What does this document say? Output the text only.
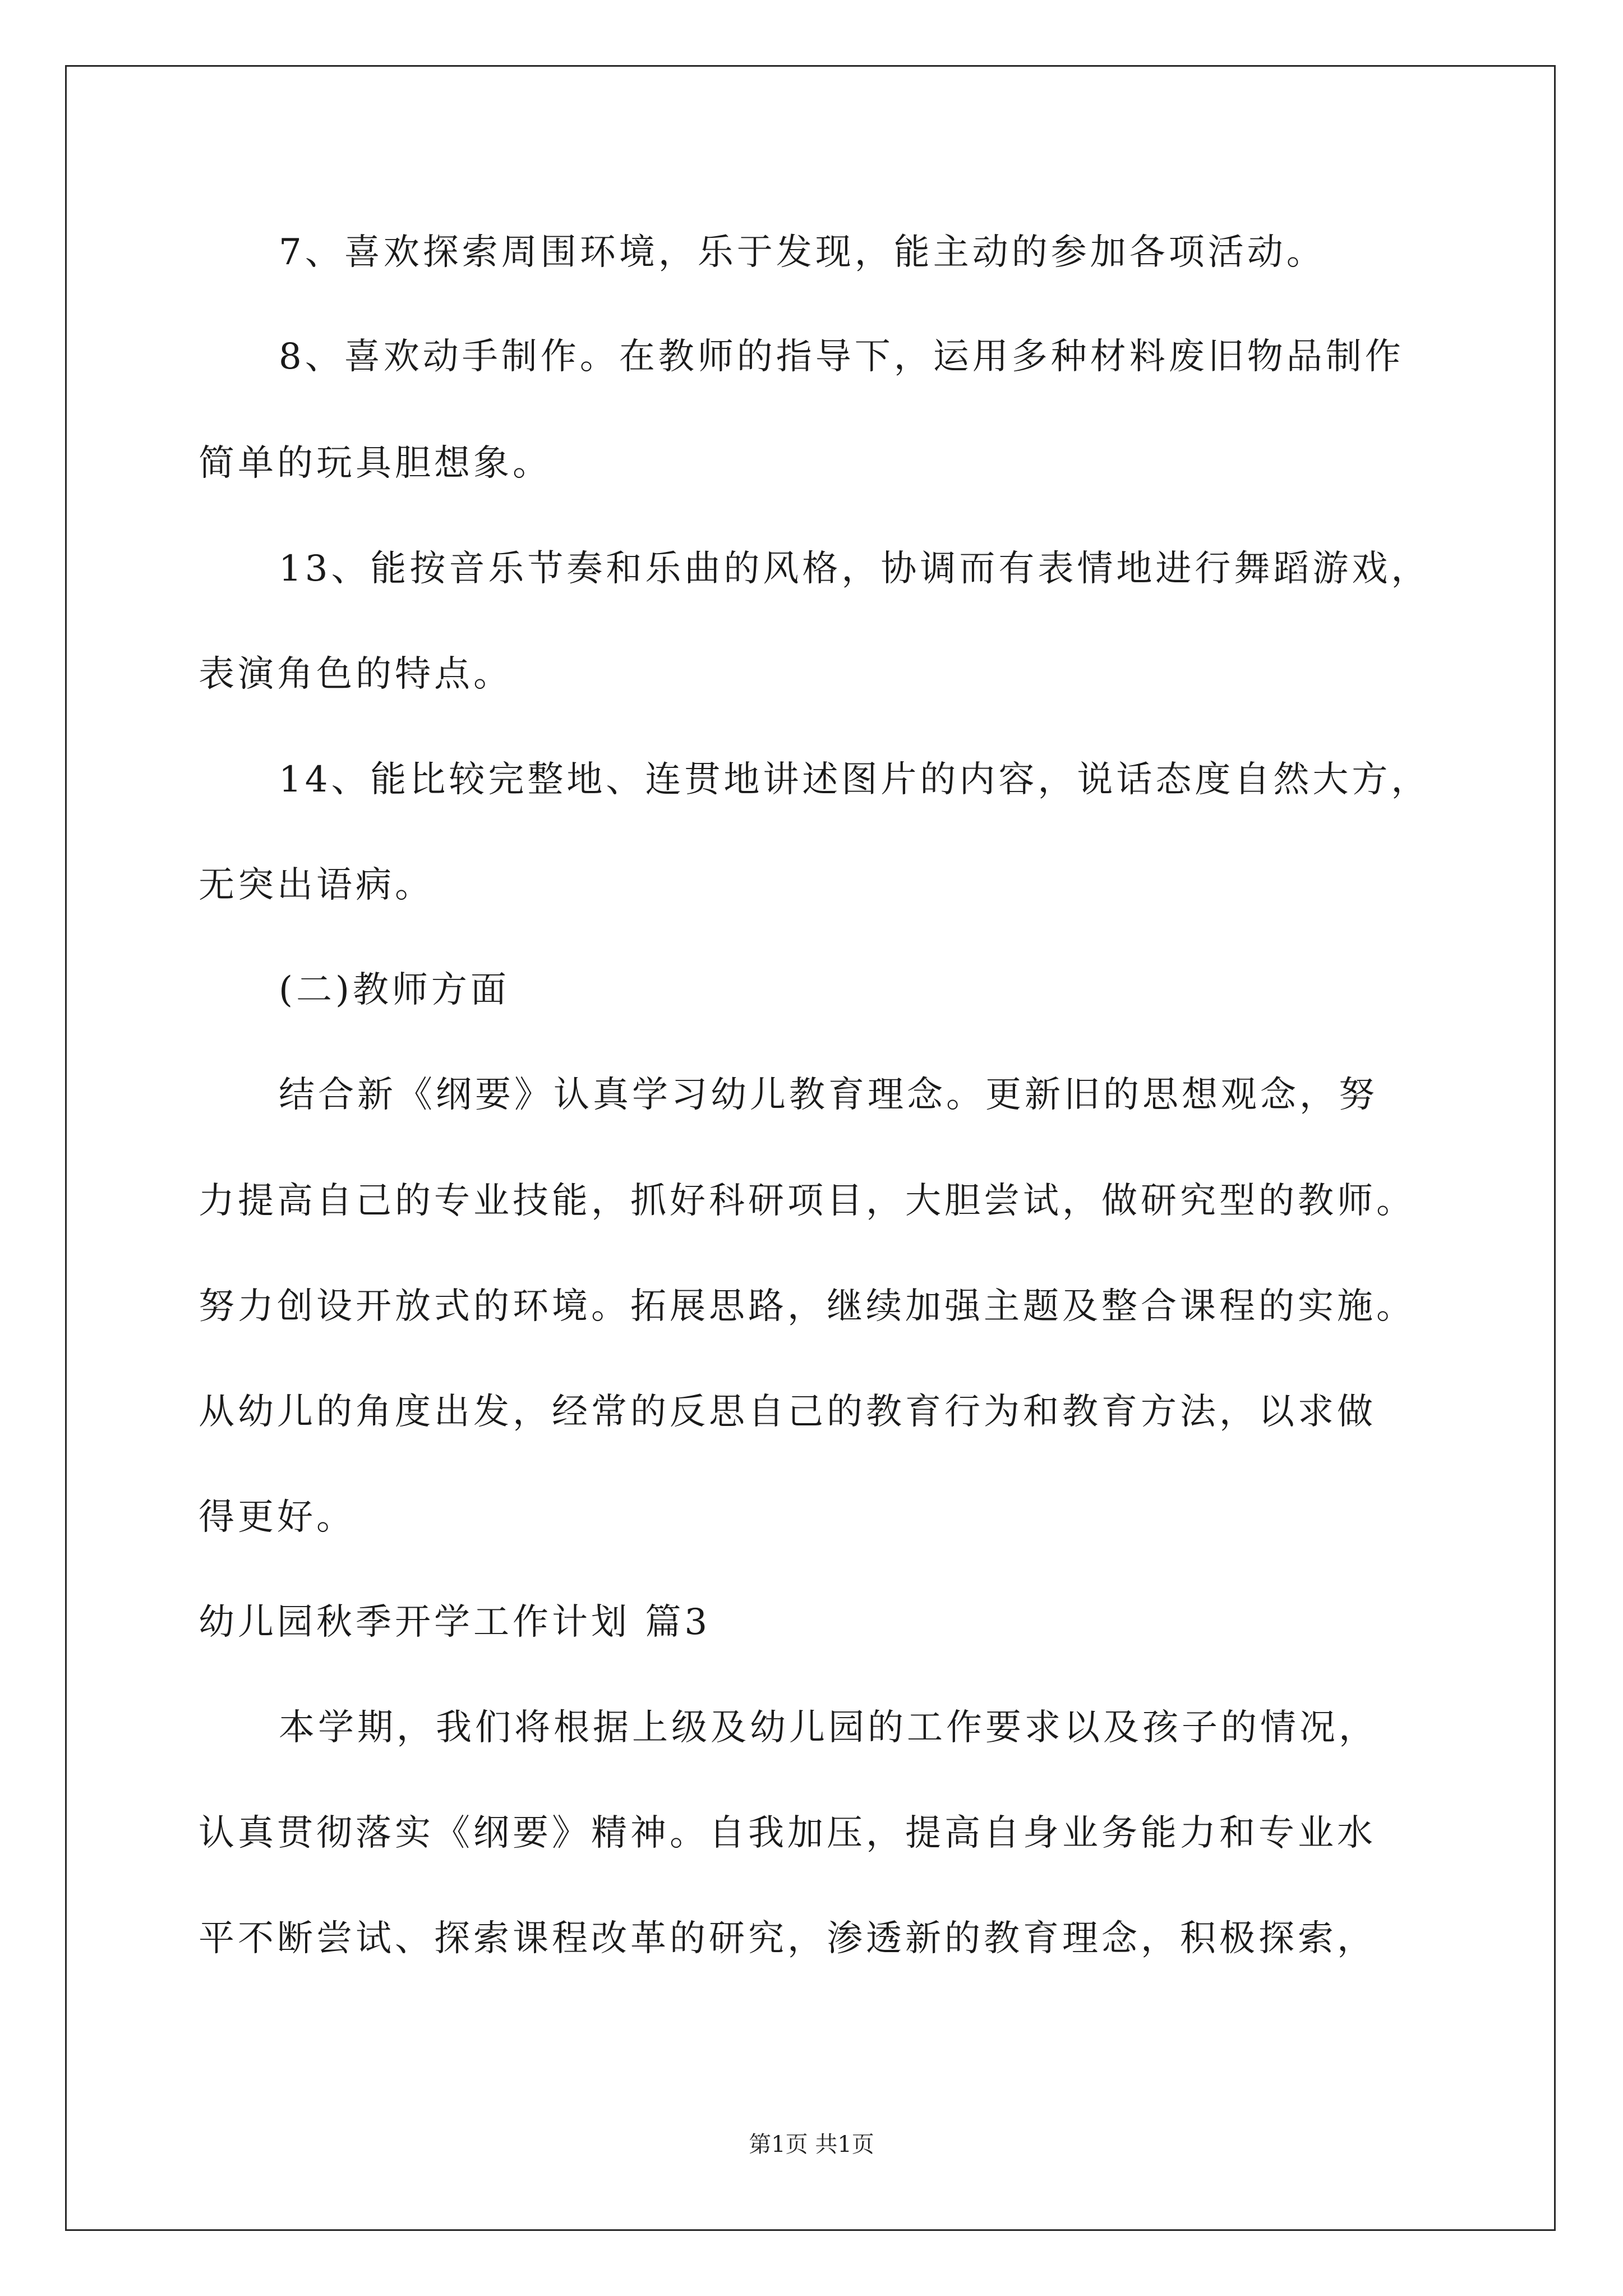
7、喜欢探索周围环境，乐于发现，能主动的参加各项活动。
8、喜欢动手制作。在教师的指导下，运用多种材料废旧物品制作
简单的玩具胆想象。
13、能按音乐节奏和乐曲的风格，协调而有表情地进行舞蹈游戏，
表演角色的特点。
14、能比较完整地、连贯地讲述图片的内容，说话态度自然大方，
无突出语病。
(二)教师方面
结合新《纲要》认真学习幼儿教育理念。更新旧的思想观念，努
力提高自己的专业技能，抓好科研项目，大胆尝试，做研究型的教师。
努力创设开放式的环境。拓展思路，继续加强主题及整合课程的实施。
从幼儿的角度出发，经常的反思自己的教育行为和教育方法，以求做
得更好。
幼儿园秋季开学工作计划 篇3
本学期，我们将根据上级及幼儿园的工作要求以及孩子的情况，
认真贯彻落实《纲要》精神。自我加压，提高自身业务能力和专业水
平不断尝试、探索课程改革的研究，渗透新的教育理念，积极探索，
第1页 共1页
